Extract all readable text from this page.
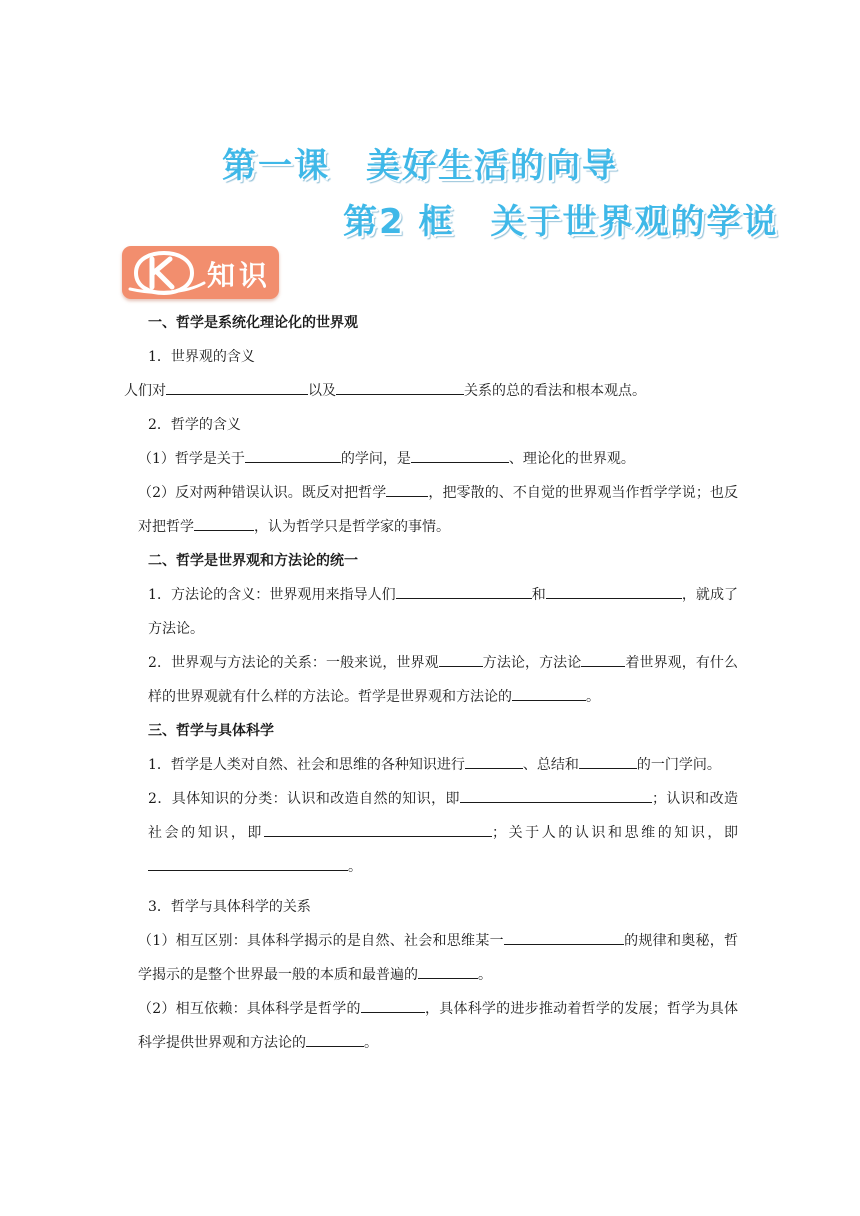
第一课　美好生活的向导
第2 框　关于世界观的学说
知识

一、哲学是系统化理论化的世界观

1．世界观的含义

人们对	以及	关系的总的看法和根本观点。

2．哲学的含义

（1）哲学是关于	的学问，是	、理论化的世界观。

（2）反对两种错误认识。既反对把哲学	，把零散的、不自觉的世界观当作哲学学说；也反对把哲学	，认为哲学只是哲学家的事情。

二、哲学是世界观和方法论的统一

1．方法论的含义：世界观用来指导人们	和	，就成了方法论。

2．世界观与方法论的关系：一般来说，世界观	方法论，方法论	着世界观，有什么样的世界观就有什么样的方法论。哲学是世界观和方法论的	。

三、哲学与具体科学

1．哲学是人类对自然、社会和思维的各种知识进行	、总结和	的一门学问。

2．具体知识的分类：认识和改造自然的知识，即	；认识和改造社会的知识，即	；关于人的认识和思维的知识，即。

3．哲学与具体科学的关系

（1）相互区别：具体科学揭示的是自然、社会和思维某一	的规律和奥秘，哲学揭示的是整个世界最一般的本质和最普遍的	。

（2）相互依赖：具体科学是哲学的	，具体科学的进步推动着哲学的发展；哲学为具体科学提供世界观和方法论的	。
